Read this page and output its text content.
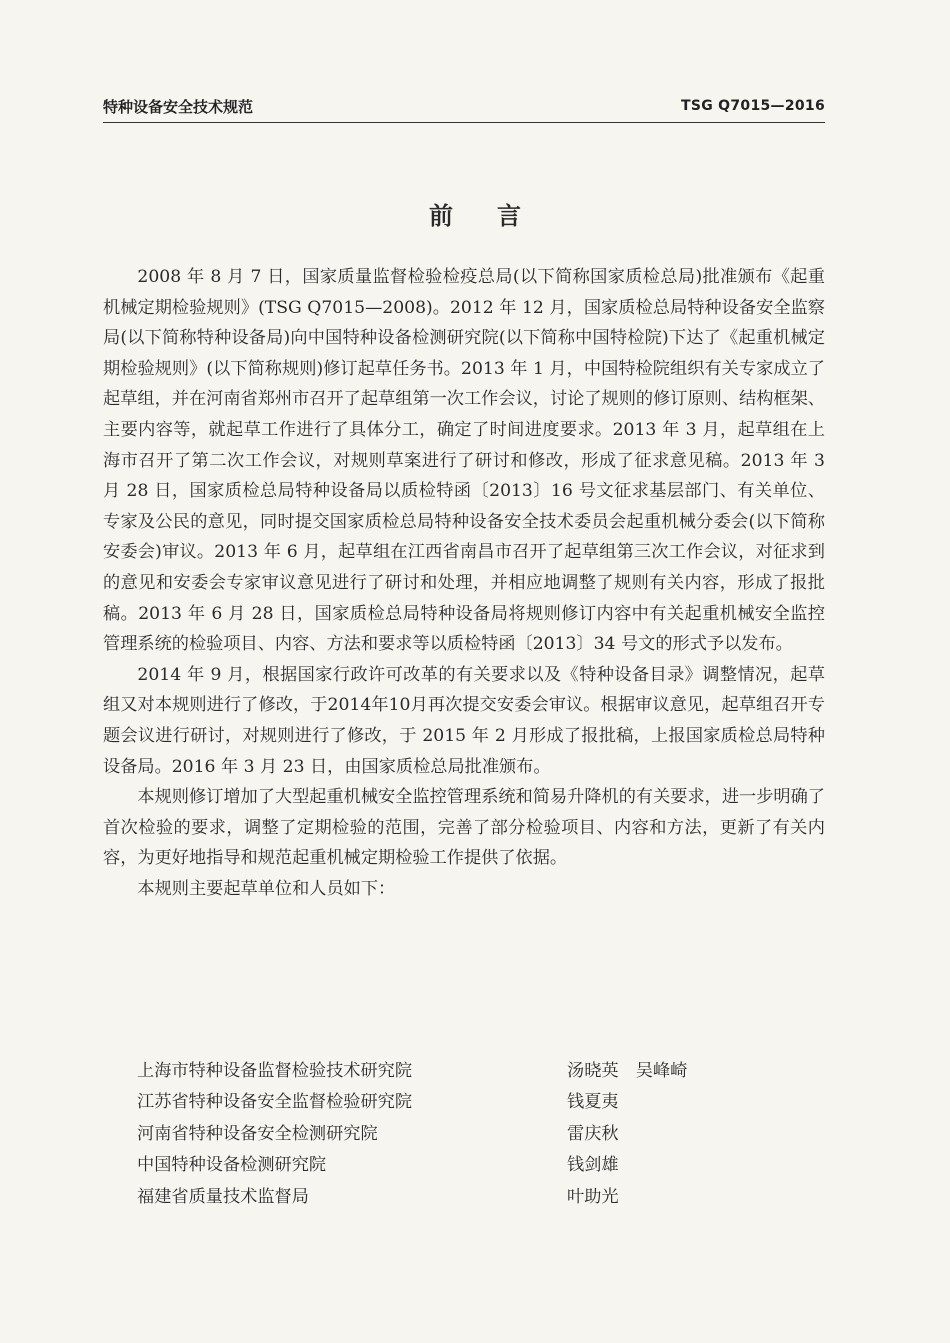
特种设备安全技术规范	TSG Q7015—2016
前言

2008 年 8 月 7 日，国家质量监督检验检疫总局(以下简称国家质检总局)批准颁布《起重机械定期检验规则》(TSG Q7015—2008)。2012 年 12 月，国家质检总局特种设备安全监察局(以下简称特种设备局)向中国特种设备检测研究院(以下简称中国特检院)下达了《起重机械定期检验规则》(以下简称规则)修订起草任务书。2013 年 1 月，中国特检院组织有关专家成立了起草组，并在河南省郑州市召开了起草组第一次工作会议，讨论了规则的修订原则、结构框架、主要内容等，就起草工作进行了具体分工，确定了时间进度要求。2013 年 3 月，起草组在上海市召开了第二次工作会议，对规则草案进行了研讨和修改，形成了征求意见稿。2013 年 3 月 28 日，国家质检总局特种设备局以质检特函〔2013〕16 号文征求基层部门、有关单位、专家及公民的意见，同时提交国家质检总局特种设备安全技术委员会起重机械分委会(以下简称安委会)审议。2013 年 6 月，起草组在江西省南昌市召开了起草组第三次工作会议，对征求到的意见和安委会专家审议意见进行了研讨和处理，并相应地调整了规则有关内容，形成了报批稿。2013 年 6 月 28 日，国家质检总局特种设备局将规则修订内容中有关起重机械安全监控管理系统的检验项目、内容、方法和要求等以质检特函〔2013〕34 号文的形式予以发布。

2014 年 9 月，根据国家行政许可改革的有关要求以及《特种设备目录》调整情况，起草组又对本规则进行了修改，于2014年10月再次提交安委会审议。根据审议意见，起草组召开专题会议进行研讨，对规则进行了修改，于 2015 年 2 月形成了报批稿，上报国家质检总局特种设备局。2016 年 3 月 23 日，由国家质检总局批准颁布。

本规则修订增加了大型起重机械安全监控管理系统和简易升降机的有关要求，进一步明确了首次检验的要求，调整了定期检验的范围，完善了部分检验项目、内容和方法，更新了有关内容，为更好地指导和规范起重机械定期检验工作提供了依据。

本规则主要起草单位和人员如下：

上海市特种设备监督检验技术研究院	汤晓英　吴峰崎
江苏省特种设备安全监督检验研究院	钱夏夷
河南省特种设备安全检测研究院	雷庆秋
中国特种设备检测研究院	钱剑雄
福建省质量技术监督局	叶助光
